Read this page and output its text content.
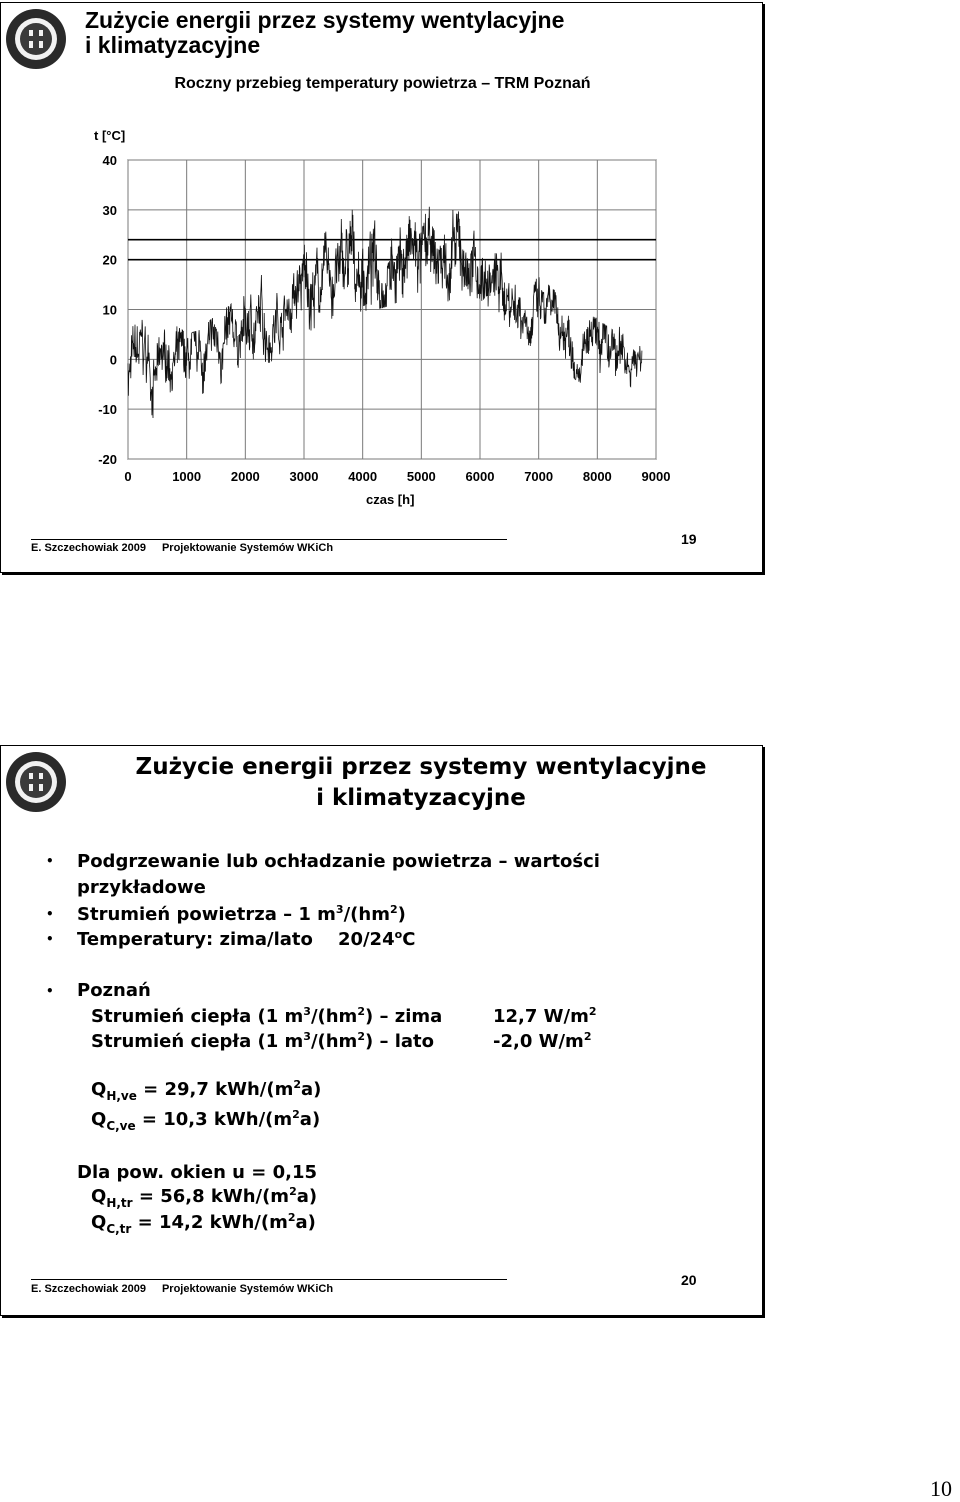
Zużycie energii przez systemy wentylacyjne
i klimatyzacyjne
Roczny przebieg temperatury powietrza – TRM Poznań
0	1000 2000 3000 4000 5000 6000 7000 8000 9000
40
30
20
10
0
-10
-20
t [°C]
czas [h]
E. Szczechowiak 2009 Projektowanie Systemów WKiCh
19
Zużycie energii przez systemy wentylacyjne
i klimatyzacyjne
• Podgrzewanie lub ochładzanie powietrza – wartości
przykładowe
• Strumień powietrza – 1 $m^3/(hm^2)$
• Temperatury: zima/lato    20/24$^o$C
• Poznań
Strumień ciepła (1 $m^3/(hm^2)$ – zima	12,7 $W/m^2$
Strumień ciepła (1 $m^3/(hm^2)$ – lato	-2,0 $W/m^2$
$Q_{H,ve} = 29,7$ kWh/$(m^2a)$
$Q_{C,ve} = 10,3$ kWh/$(m^2a)$
Dla pow. okien u = 0,15
$Q_{H,tr} = 56,8$ kWh/$(m^2a)$
$Q_{C,tr} = 14,2$ kWh/$(m^2a)$
E. Szczechowiak 2009 Projektowanie Systemów WKiCh
20
10
